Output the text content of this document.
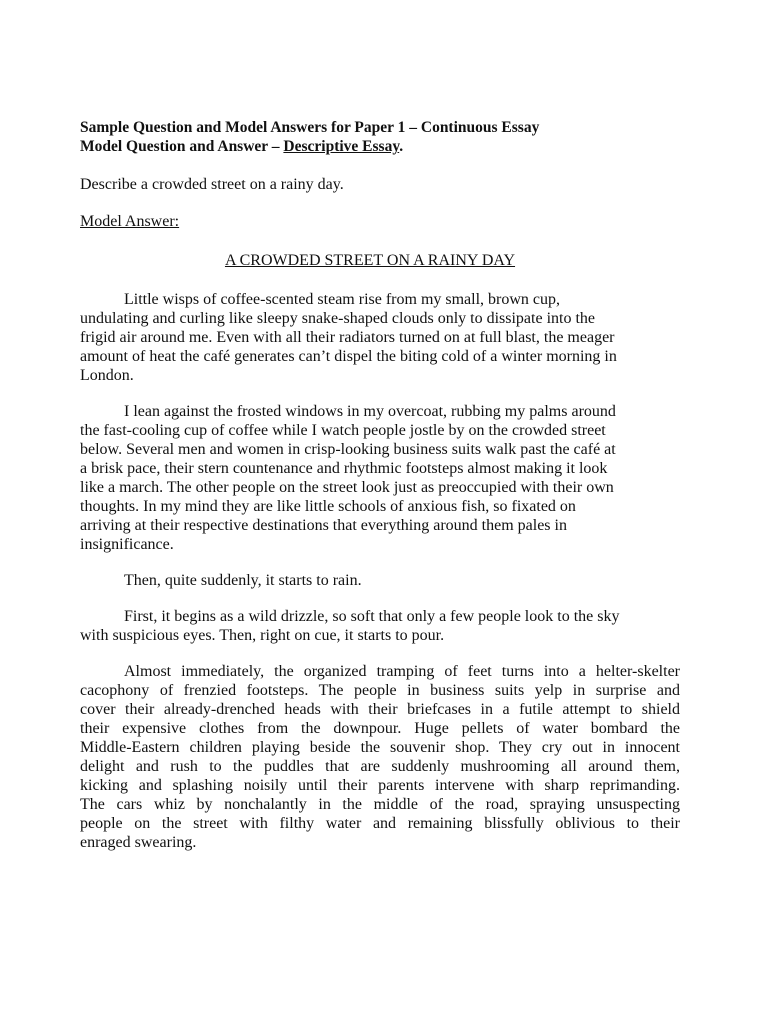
Sample Question and Model Answers for Paper 1 – Continuous Essay
Model Question and Answer – Descriptive Essay.
Describe a crowded street on a rainy day.
Model Answer:
A CROWDED STREET ON A RAINY DAY
Little wisps of coffee-scented steam rise from my small, brown cup,
undulating and curling like sleepy snake-shaped clouds only to dissipate into the
frigid air around me. Even with all their radiators turned on at full blast, the meager
amount of heat the café generates can’t dispel the biting cold of a winter morning in
London.
I lean against the frosted windows in my overcoat, rubbing my palms around
the fast-cooling cup of coffee while I watch people jostle by on the crowded street
below. Several men and women in crisp-looking business suits walk past the café at
a brisk pace, their stern countenance and rhythmic footsteps almost making it look
like a march. The other people on the street look just as preoccupied with their own
thoughts. In my mind they are like little schools of anxious fish, so fixated on
arriving at their respective destinations that everything around them pales in
insignificance.
Then, quite suddenly, it starts to rain.
First, it begins as a wild drizzle, so soft that only a few people look to the sky
with suspicious eyes. Then, right on cue, it starts to pour.
Almost immediately, the organized tramping of feet turns into a helter-skelter
cacophony of frenzied footsteps. The people in business suits yelp in surprise and
cover their already-drenched heads with their briefcases in a futile attempt to shield
their expensive clothes from the downpour. Huge pellets of water bombard the
Middle-Eastern children playing beside the souvenir shop. They cry out in innocent
delight and rush to the puddles that are suddenly mushrooming all around them,
kicking and splashing noisily until their parents intervene with sharp reprimanding.
The cars whiz by nonchalantly in the middle of the road, spraying unsuspecting
people on the street with filthy water and remaining blissfully oblivious to their
enraged swearing.
